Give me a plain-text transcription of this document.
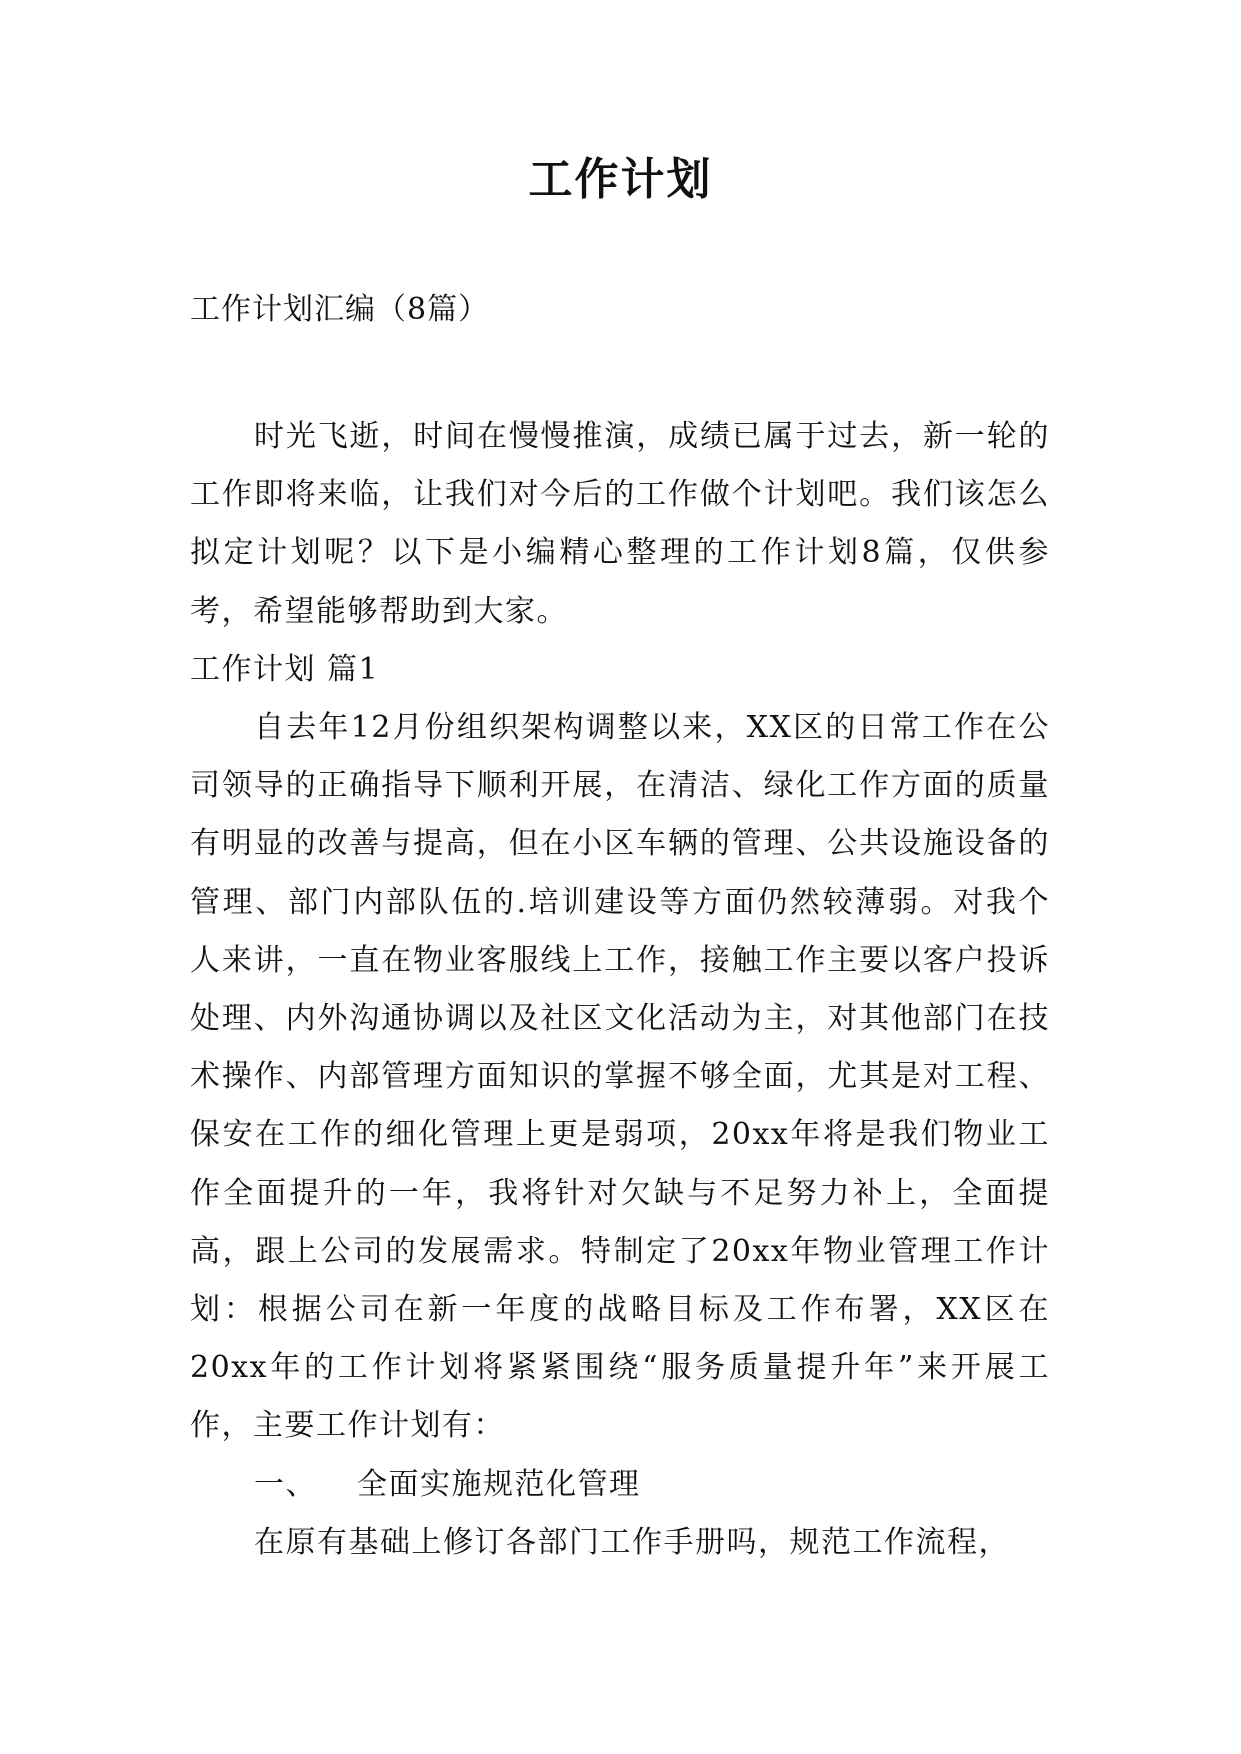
工作计划

工作计划汇编（8篇）

时光飞逝，时间在慢慢推演，成绩已属于过去，新一轮的工作即将来临，让我们对今后的工作做个计划吧。我们该怎么拟定计划呢？以下是小编精心整理的工作计划8篇，仅供参考，希望能够帮助到大家。

工作计划 篇1

自去年12月份组织架构调整以来，XX区的日常工作在公司领导的正确指导下顺利开展，在清洁、绿化工作方面的质量有明显的改善与提高，但在小区车辆的管理、公共设施设备的管理、部门内部队伍的.培训建设等方面仍然较薄弱。对我个人来讲，一直在物业客服线上工作，接触工作主要以客户投诉处理、内外沟通协调以及社区文化活动为主，对其他部门在技术操作、内部管理方面知识的掌握不够全面，尤其是对工程、保安在工作的细化管理上更是弱项，20xx年将是我们物业工作全面提升的一年，我将针对欠缺与不足努力补上，全面提高，跟上公司的发展需求。特制定了20xx年物业管理工作计划：根据公司在新一年度的战略目标及工作布署，XX区在20xx年的工作计划将紧紧围绕“服务质量提升年”来开展工作，主要工作计划有：

一、 全面实施规范化管理

在原有基础上修订各部门工作手册吗，规范工作流程，
